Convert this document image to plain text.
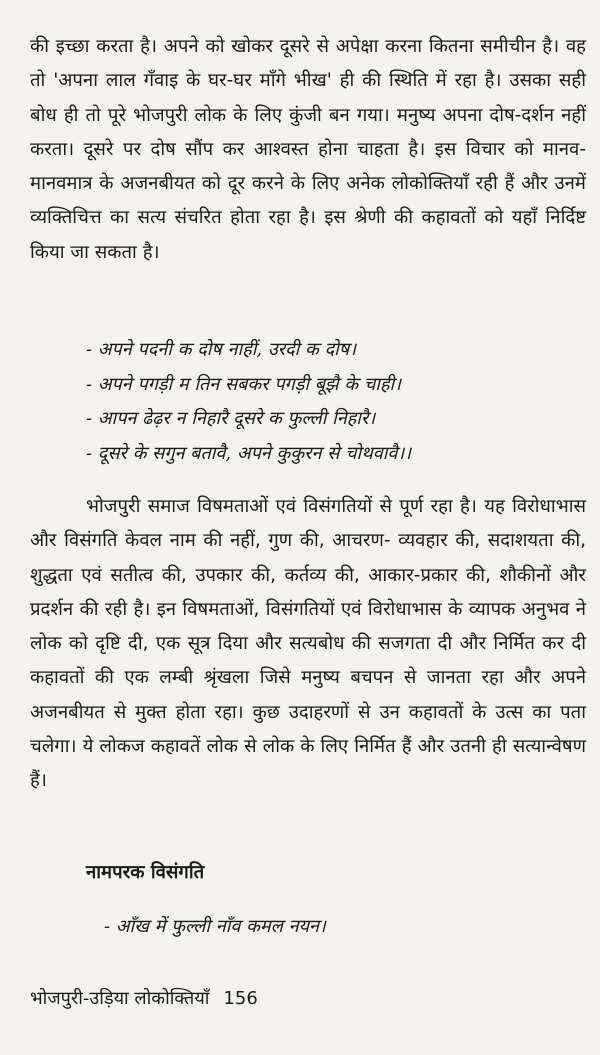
की इच्छा करता है। अपने को खोकर दूसरे से अपेक्षा करना कितना समीचीन है। वह तो 'अपना लाल गँवाइ के घर-घर माँगे भीख' ही की स्थिति में रहा है। उसका सही बोध ही तो पूरे भोजपुरी लोक के लिए कुंजी बन गया। मनुष्य अपना दोष-दर्शन नहीं करता। दूसरे पर दोष सौंप कर आश्वस्त होना चाहता है। इस विचार को मानव-मानवमात्र के अजनबीयत को दूर करने के लिए अनेक लोकोक्तियाँ रही हैं और उनमें व्यक्तिचित्त का सत्य संचरित होता रहा है। इस श्रेणी की कहावतों को यहाँ निर्दिष्ट किया जा सकता है।

- अपने पदनी क दोष नाहीं, उरदी क दोष।
- अपने पगड़ी म तिन सबकर पगड़ी बूझै के चाही।
- आपन ढेढ़र न निहारै दूसरे क फुल्ली निहारै।
- दूसरे के सगुन बतावै, अपने कुकुरन से चोथवावै।।

भोजपुरी समाज विषमताओं एवं विसंगतियों से पूर्ण रहा है। यह विरोधाभास और विसंगति केवल नाम की नहीं, गुण की, आचरण- व्यवहार की, सदाशयता की, शुद्धता एवं सतीत्व की, उपकार की, कर्तव्य की, आकार-प्रकार की, शौकीनों और प्रदर्शन की रही है। इन विषमताओं, विसंगतियों एवं विरोधाभास के व्यापक अनुभव ने लोक को दृष्टि दी, एक सूत्र दिया और सत्यबोध की सजगता दी और निर्मित कर दी कहावतों की एक लम्बी श्रृंखला जिसे मनुष्य बचपन से जानता रहा और अपने अजनबीयत से मुक्त होता रहा। कुछ उदाहरणों से उन कहावतों के उत्स का पता चलेगा। ये लोकज कहावतें लोक से लोक के लिए निर्मित हैं और उतनी ही सत्यान्वेषण हैं।

नामपरक विसंगति

- आँख में फुल्ली नाँव कमल नयन।

भोजपुरी-उड़िया लोकोक्तियाँ 156
